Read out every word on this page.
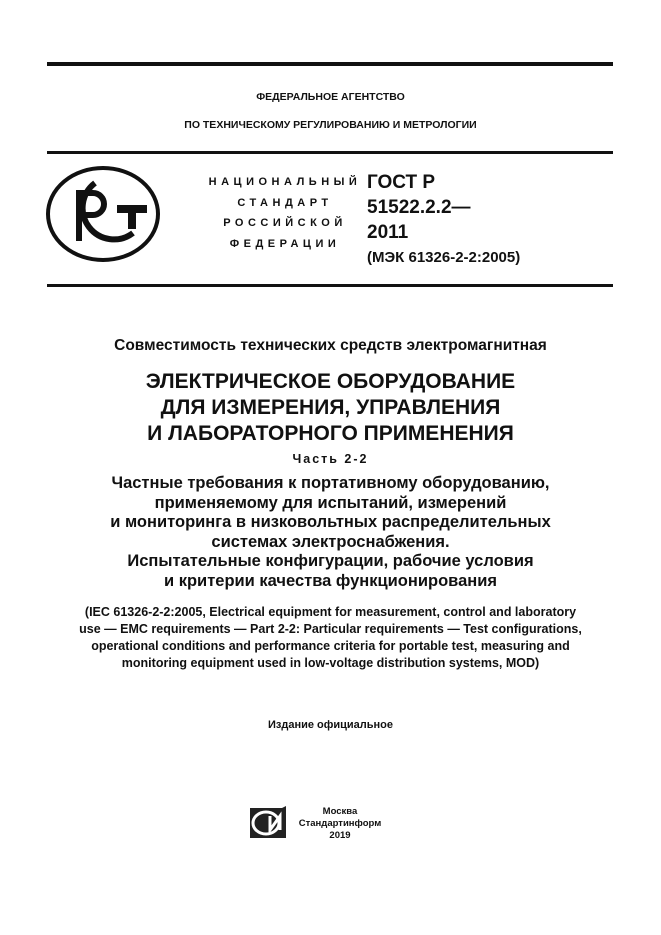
ФЕДЕРАЛЬНОЕ АГЕНТСТВО
ПО ТЕХНИЧЕСКОМУ РЕГУЛИРОВАНИЮ И МЕТРОЛОГИИ
НАЦИОНАЛЬНЫЙ
СТАНДАРТ
РОССИЙСКОЙ
ФЕДЕРАЦИИ
ГОСТ Р
51522.2.2—
2011
(МЭК 61326-2-2:2005)
Совместимость технических средств электромагнитная
ЭЛЕКТРИЧЕСКОЕ ОБОРУДОВАНИЕ
ДЛЯ ИЗМЕРЕНИЯ, УПРАВЛЕНИЯ
И ЛАБОРАТОРНОГО ПРИМЕНЕНИЯ
Часть 2-2
Частные требования к портативному оборудованию,
применяемому для испытаний, измерений
и мониторинга в низковольтных распределительных
системах электроснабжения.
Испытательные конфигурации, рабочие условия
и критерии качества функционирования
(IEC 61326-2-2:2005, Electrical equipment for measurement, control and laboratory
use — EMC requirements — Part 2-2: Particular requirements — Test configurations,
operational conditions and performance criteria for portable test, measuring and
monitoring equipment used in low-voltage distribution systems, MOD)
Издание официальное
Москва
Стандартинформ
2019
